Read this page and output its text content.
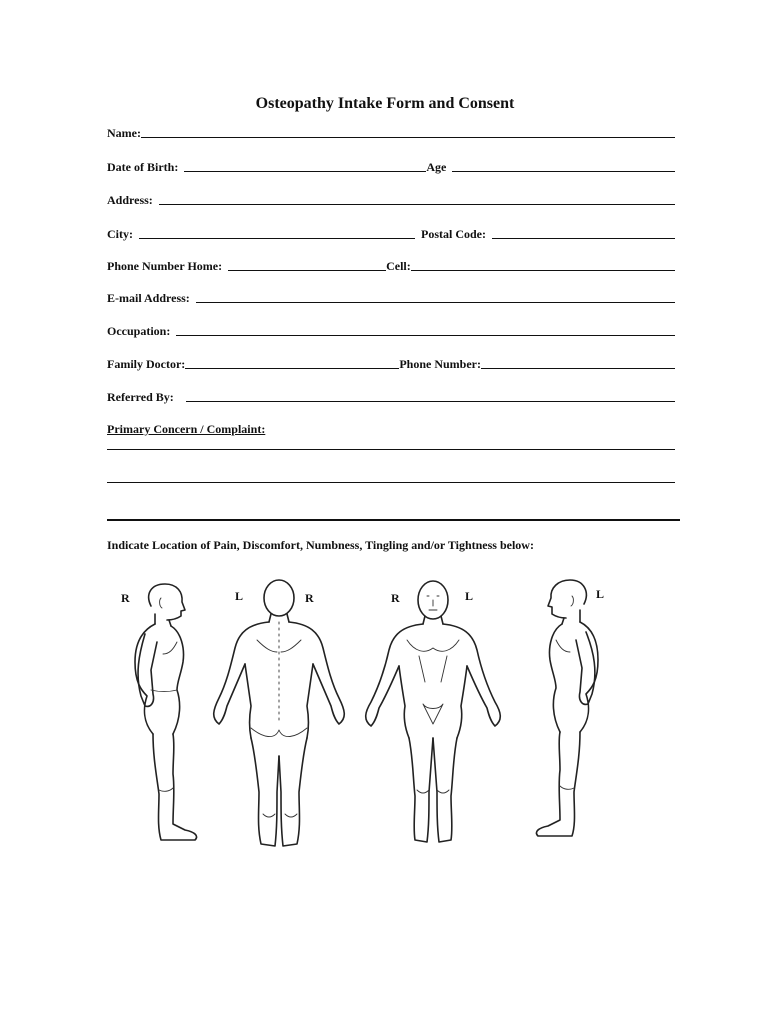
Osteopathy Intake Form and Consent
Name:
Date of Birth:	Age
Address:
City:	Postal Code:
Phone Number Home:	Cell:
E-mail Address:
Occupation:
Family Doctor:	Phone Number:
Referred By:
Primary Concern / Complaint:
Indicate Location of Pain, Discomfort, Numbness, Tingling and/or Tightness below:
R	L	R	R	L	L
